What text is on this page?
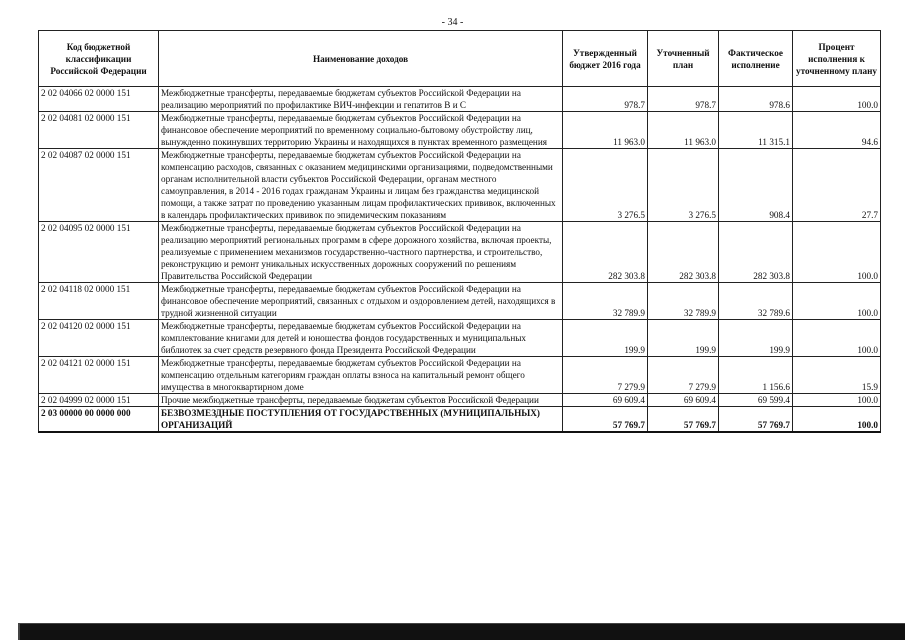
- 34 -
Код бюджетной классификации Российской Федерации	Наименование доходов	Утвержденный бюджет 2016 года	Уточненный план	Фактическое исполнение	Процент исполнения к уточненному плану
2 02 04066 02 0000 151	Межбюджетные трансферты, передаваемые бюджетам субъектов Российской Федерации на реализацию мероприятий по профилактике ВИЧ-инфекции и гепатитов В и С	978.7	978.7	978.6	100.0
2 02 04081 02 0000 151	Межбюджетные трансферты, передаваемые бюджетам субъектов Российской Федерации на финансовое обеспечение мероприятий по временному социально-бытовому обустройству лиц, вынужденно покинувших территорию Украины и находящихся в пунктах временного размещения	11 963.0	11 963.0	11 315.1	94.6
2 02 04087 02 0000 151	Межбюджетные трансферты, передаваемые бюджетам субъектов Российской Федерации на компенсацию расходов, связанных с оказанием медицинскими организациями, подведомственными органам исполнительной власти субъектов Российской Федерации, органам местного самоуправления, в 2014 - 2016 годах гражданам Украины и лицам без гражданства медицинской помощи, а также затрат по проведению указанным лицам профилактических прививок, включенных в календарь профилактических прививок по эпидемическим показаниям	3 276.5	3 276.5	908.4	27.7
2 02 04095 02 0000 151	Межбюджетные трансферты, передаваемые бюджетам субъектов Российской Федерации на реализацию мероприятий региональных программ в сфере дорожного хозяйства, включая проекты, реализуемые с применением механизмов государственно-частного партнерства, и строительство, реконструкцию и ремонт уникальных искусственных дорожных сооружений по решениям Правительства Российской Федерации	282 303.8	282 303.8	282 303.8	100.0
2 02 04118 02 0000 151	Межбюджетные трансферты, передаваемые бюджетам субъектов Российской Федерации на финансовое обеспечение мероприятий, связанных с отдыхом и оздоровлением детей, находящихся в трудной жизненной ситуации	32 789.9	32 789.9	32 789.6	100.0
2 02 04120 02 0000 151	Межбюджетные трансферты, передаваемые бюджетам субъектов Российской Федерации на комплектование книгами для детей и юношества фондов государственных и муниципальных библиотек за счет средств резервного фонда Президента Российской Федерации	199.9	199.9	199.9	100.0
2 02 04121 02 0000 151	Межбюджетные трансферты, передаваемые бюджетам субъектов Российской Федерации на компенсацию отдельным категориям граждан оплаты взноса на капитальный ремонт общего имущества в многоквартирном доме	7 279.9	7 279.9	1 156.6	15.9
2 02 04999 02 0000 151	Прочие межбюджетные трансферты, передаваемые бюджетам субъектов Российской Федерации	69 609.4	69 609.4	69 599.4	100.0
2 03 00000 00 0000 000	БЕЗВОЗМЕЗДНЫЕ ПОСТУПЛЕНИЯ ОТ ГОСУДАРСТВЕННЫХ (МУНИЦИПАЛЬНЫХ) ОРГАНИЗАЦИЙ	57 769.7	57 769.7	57 769.7	100.0
